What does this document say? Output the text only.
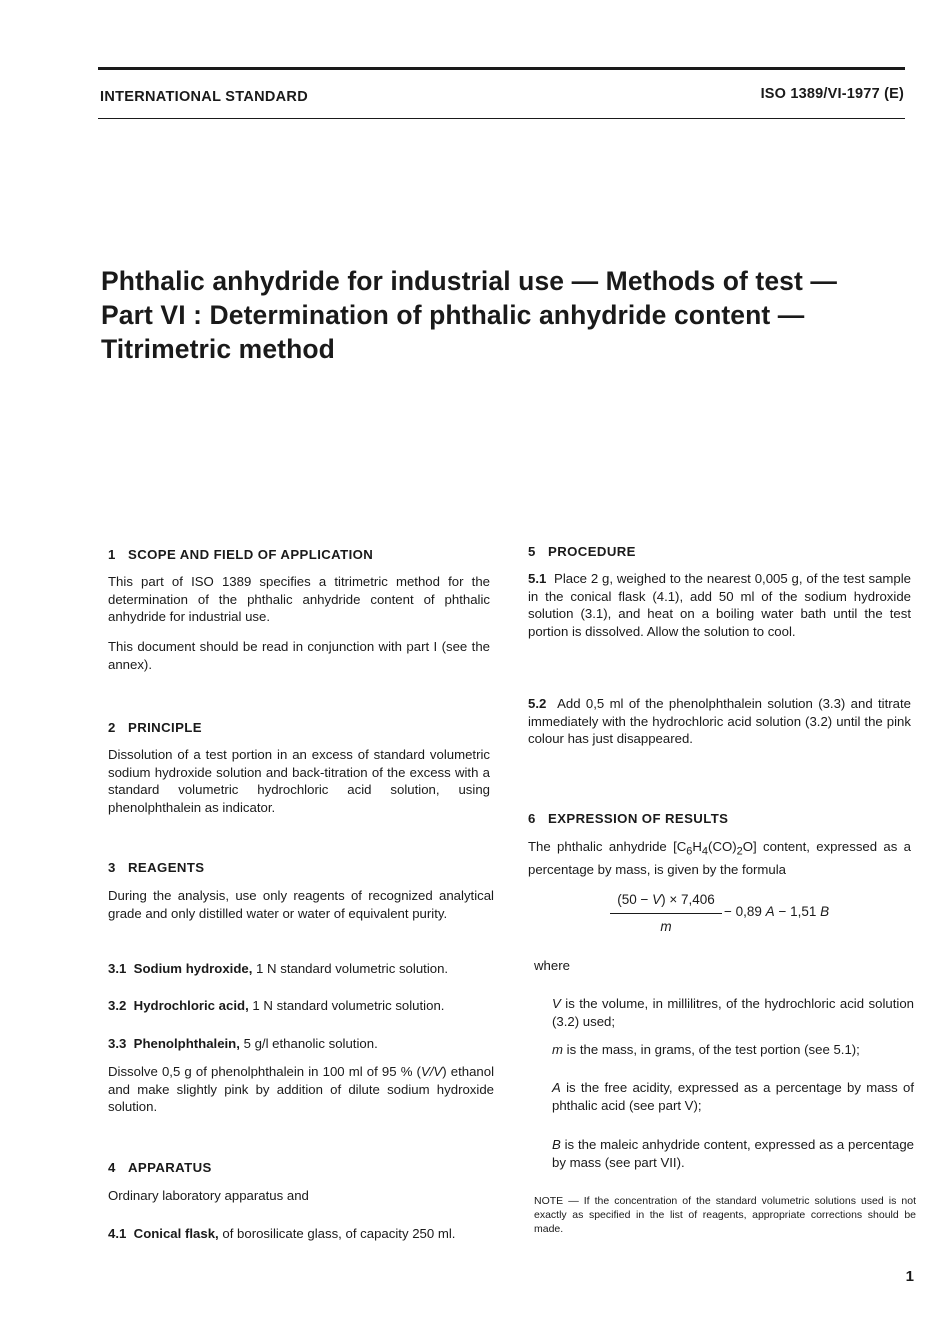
INTERNATIONAL STANDARD	ISO 1389/VI-1977 (E)
Phthalic anhydride for industrial use — Methods of test —
Part VI : Determination of phthalic anhydride content —
Titrimetric method
1 SCOPE AND FIELD OF APPLICATION
This part of ISO 1389 specifies a titrimetric method for the determination of the phthalic anhydride content of phthalic anhydride for industrial use.
This document should be read in conjunction with part I (see the annex).
2 PRINCIPLE
Dissolution of a test portion in an excess of standard volumetric sodium hydroxide solution and back-titration of the excess with a standard volumetric hydrochloric acid solution, using phenolphthalein as indicator.
3 REAGENTS
During the analysis, use only reagents of recognized analytical grade and only distilled water or water of equivalent purity.
3.1 Sodium hydroxide, 1 N standard volumetric solution.
3.2 Hydrochloric acid, 1 N standard volumetric solution.
3.3 Phenolphthalein, 5 g/l ethanolic solution.
Dissolve 0,5 g of phenolphthalein in 100 ml of 95 % (V/V) ethanol and make slightly pink by addition of dilute sodium hydroxide solution.
4 APPARATUS
Ordinary laboratory apparatus and
4.1 Conical flask, of borosilicate glass, of capacity 250 ml.
5 PROCEDURE
5.1 Place 2 g, weighed to the nearest 0,005 g, of the test sample in the conical flask (4.1), add 50 ml of the sodium hydroxide solution (3.1), and heat on a boiling water bath until the test portion is dissolved. Allow the solution to cool.
5.2 Add 0,5 ml of the phenolphthalein solution (3.3) and titrate immediately with the hydrochloric acid solution (3.2) until the pink colour has just disappeared.
6 EXPRESSION OF RESULTS
The phthalic anhydride $[C_6H_4(CO)_2O]$ content, expressed as a percentage by mass, is given by the formula
(50 − V) × 7,406
m
− 0,89 A − 1,51 B
where
V is the volume, in millilitres, of the hydrochloric acid solution (3.2) used;
m is the mass, in grams, of the test portion (see 5.1);
A is the free acidity, expressed as a percentage by mass of phthalic acid (see part V);
B is the maleic anhydride content, expressed as a percentage by mass (see part VII).
NOTE — If the concentration of the standard volumetric solutions used is not exactly as specified in the list of reagents, appropriate corrections should be made.
1
